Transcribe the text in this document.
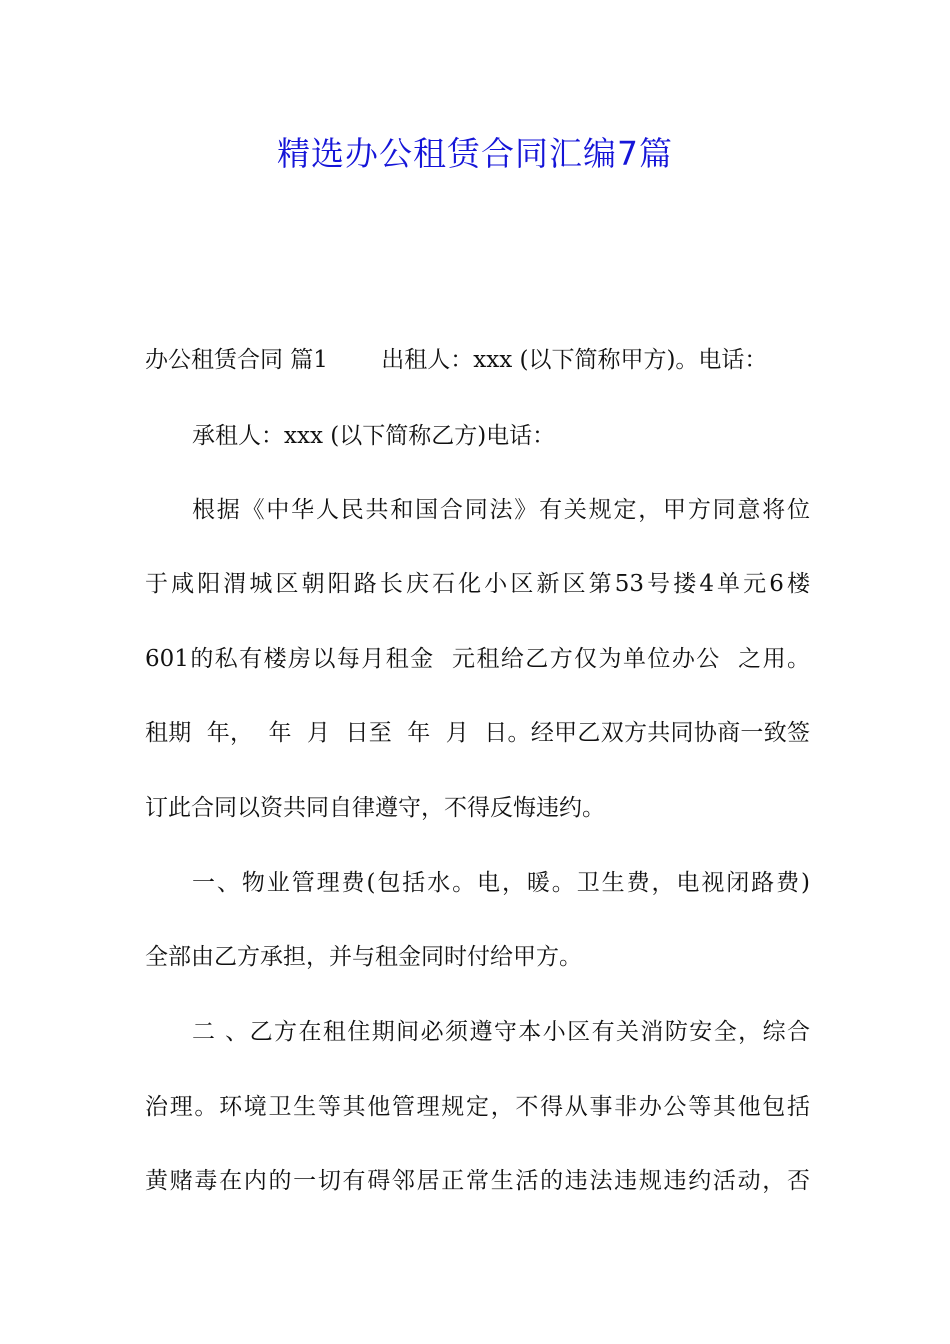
精选办公租赁合同汇编7篇
办公租赁合同 篇1　　 出租人：xxx (以下简称甲方)。电话：
承租人：xxx (以下简称乙方)电话：
根据《中华人民共和国合同法》有关规定，甲方同意将位
于咸阳渭城区朝阳路长庆石化小区新区第53号搂4单元6楼
601的私有楼房以每月租金  元租给乙方仅为单位办公  之用。
租期  年，  年  月  日至  年  月  日。经甲乙双方共同协商一致签
订此合同以资共同自律遵守，不得反悔违约。
一、物业管理费(包括水。电，暖。卫生费，电视闭路费)
全部由乙方承担，并与租金同时付给甲方。
二 、乙方在租住期间必须遵守本小区有关消防安全，综合
治理。环境卫生等其他管理规定，不得从事非办公等其他包括
黄赌毒在内的一切有碍邻居正常生活的违法违规违约活动，否
